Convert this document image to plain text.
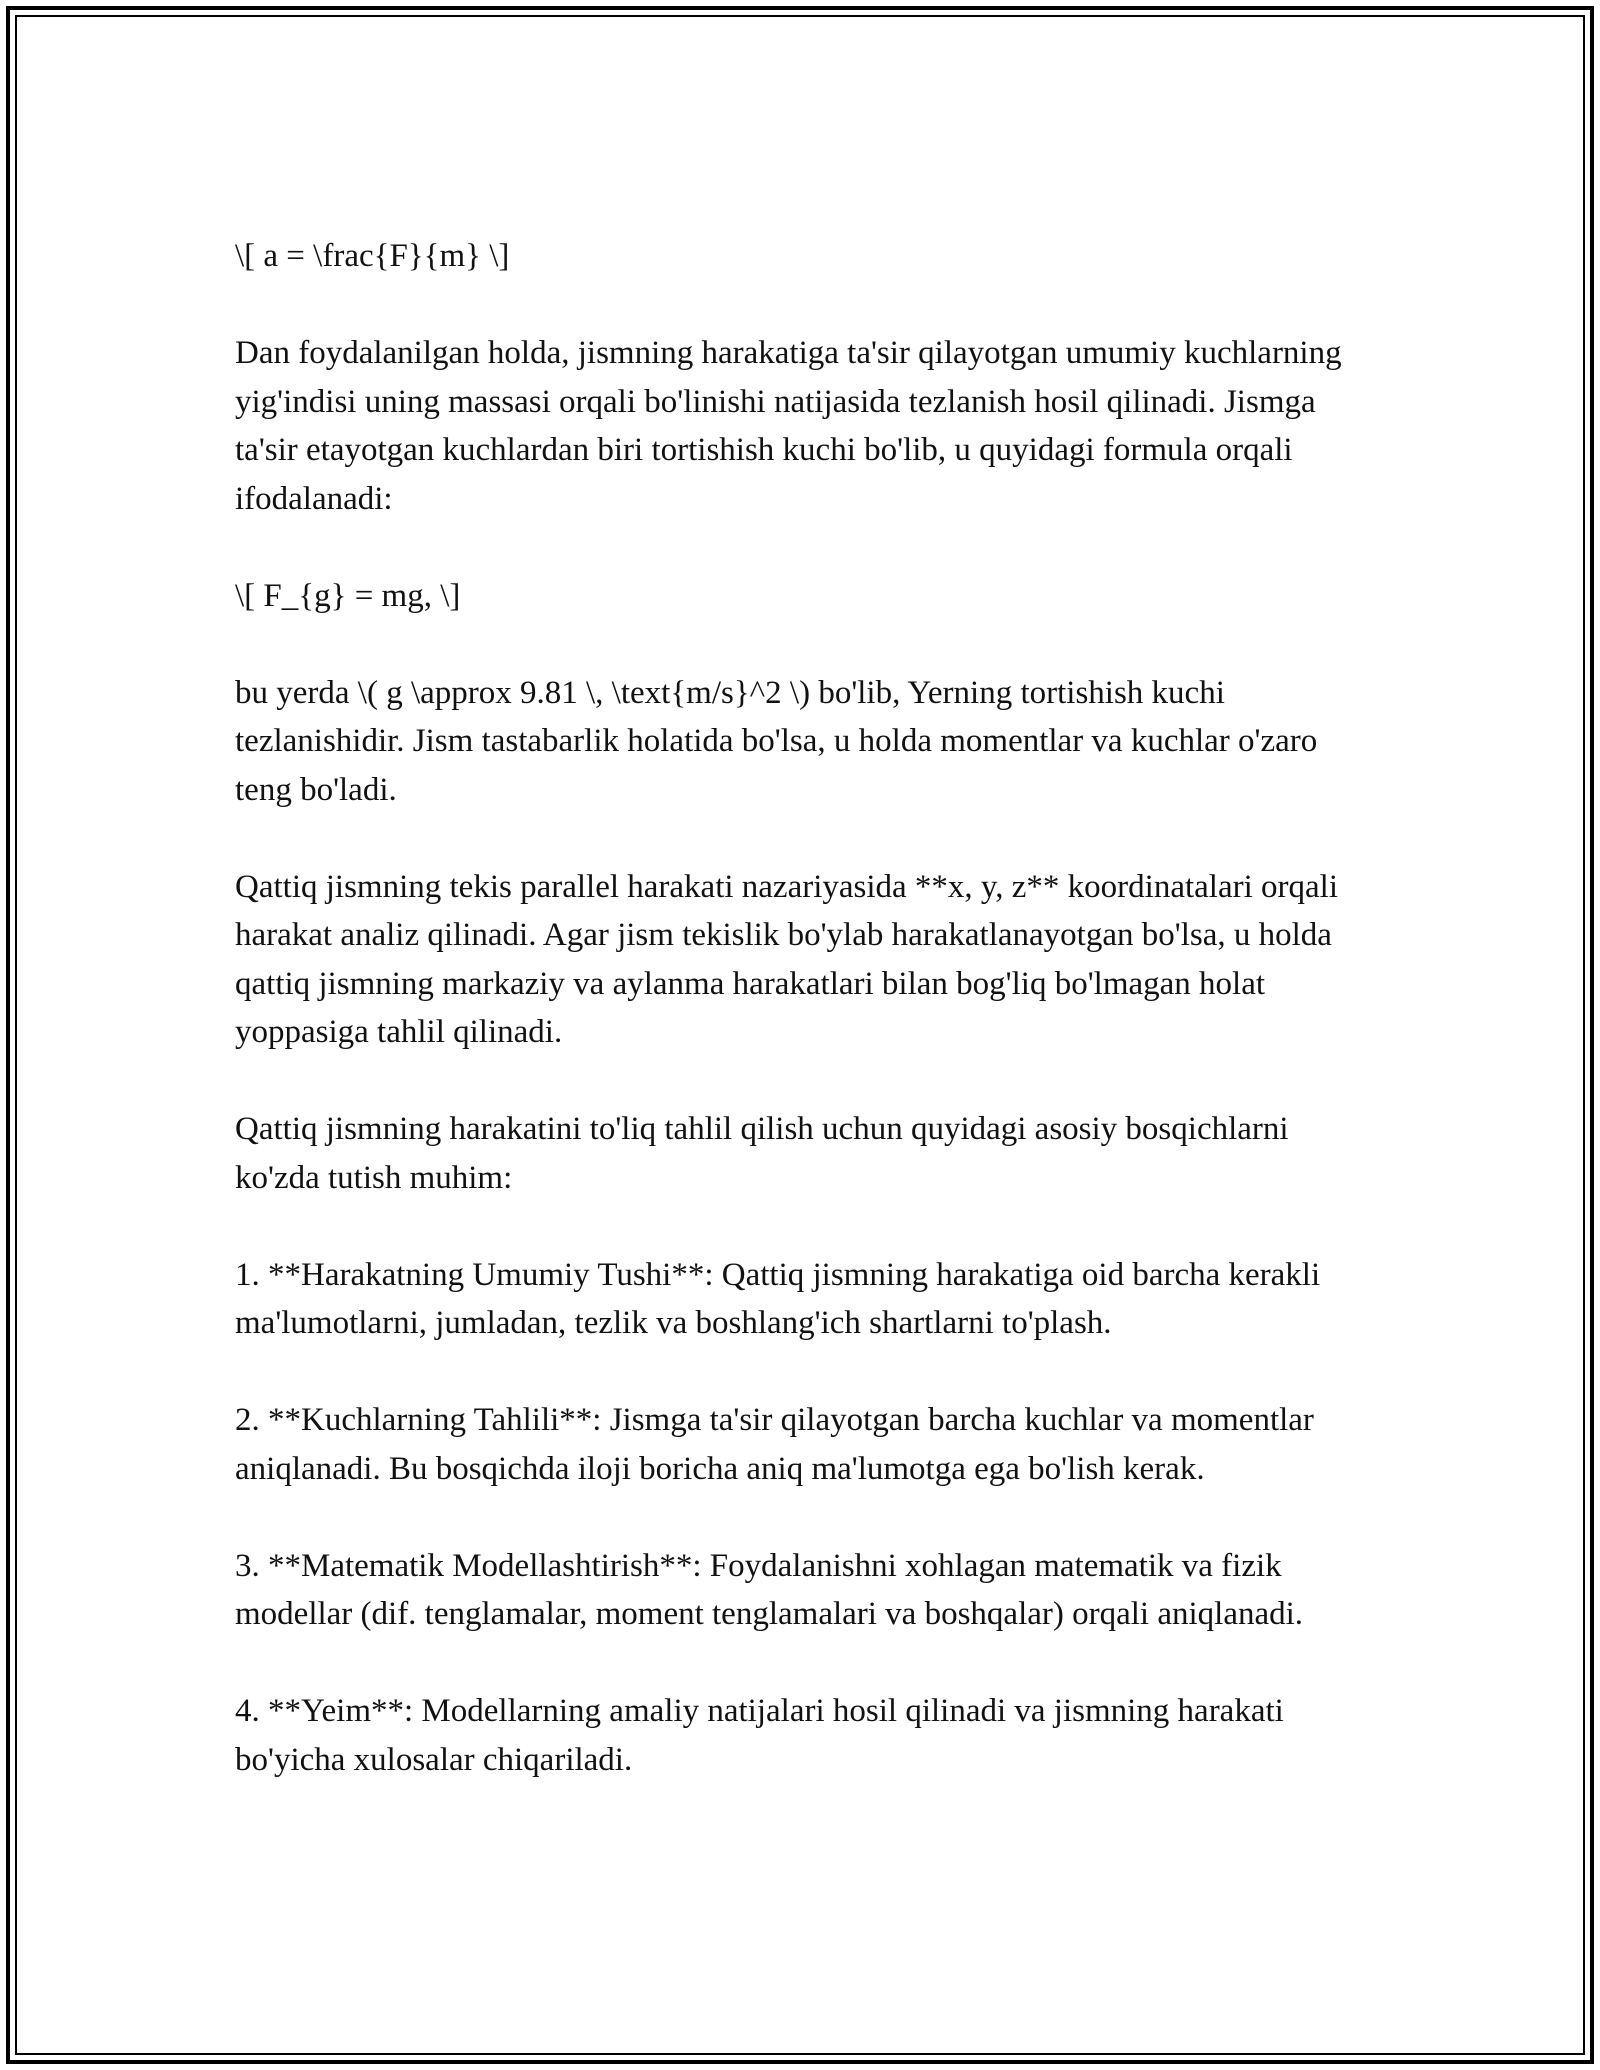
\[ a = \frac{F}{m} \]

Dan foydalanilgan holda, jismning harakatiga ta'sir qilayotgan umumiy kuchlarning yig'indisi uning massasi orqali bo'linishi natijasida tezlanish hosil qilinadi. Jismga ta'sir etayotgan kuchlardan biri tortishish kuchi bo'lib, u quyidagi formula orqali ifodalanadi:

\[ F_{g} = mg, \]

bu yerda \( g \approx 9.81 \, \text{m/s}^2 \) bo'lib, Yerning tortishish kuchi tezlanishidir. Jism tastabarlik holatida bo'lsa, u holda momentlar va kuchlar o'zaro teng bo'ladi.

Qattiq jismning tekis parallel harakati nazariyasida **x, y, z** koordinatalari orqali harakat analiz qilinadi. Agar jism tekislik bo'ylab harakatlanayotgan bo'lsa, u holda qattiq jismning markaziy va aylanma harakatlari bilan bog'liq bo'lmagan holat yoppasiga tahlil qilinadi.

Qattiq jismning harakatini to'liq tahlil qilish uchun quyidagi asosiy bosqichlarni ko'zda tutish muhim:

1. **Harakatning Umumiy Tushi**: Qattiq jismning harakatiga oid barcha kerakli ma'lumotlarni, jumladan, tezlik va boshlang'ich shartlarni to'plash.

2. **Kuchlarning Tahlili**: Jismga ta'sir qilayotgan barcha kuchlar va momentlar aniqlanadi. Bu bosqichda iloji boricha aniq ma'lumotga ega bo'lish kerak.

3. **Matematik Modellashtirish**: Foydalanishni xohlagan matematik va fizik modellar (dif. tenglamalar, moment tenglamalari va boshqalar) orqali aniqlanadi.

4. **Yeim**: Modellarning amaliy natijalari hosil qilinadi va jismning harakati bo'yicha xulosalar chiqariladi.
